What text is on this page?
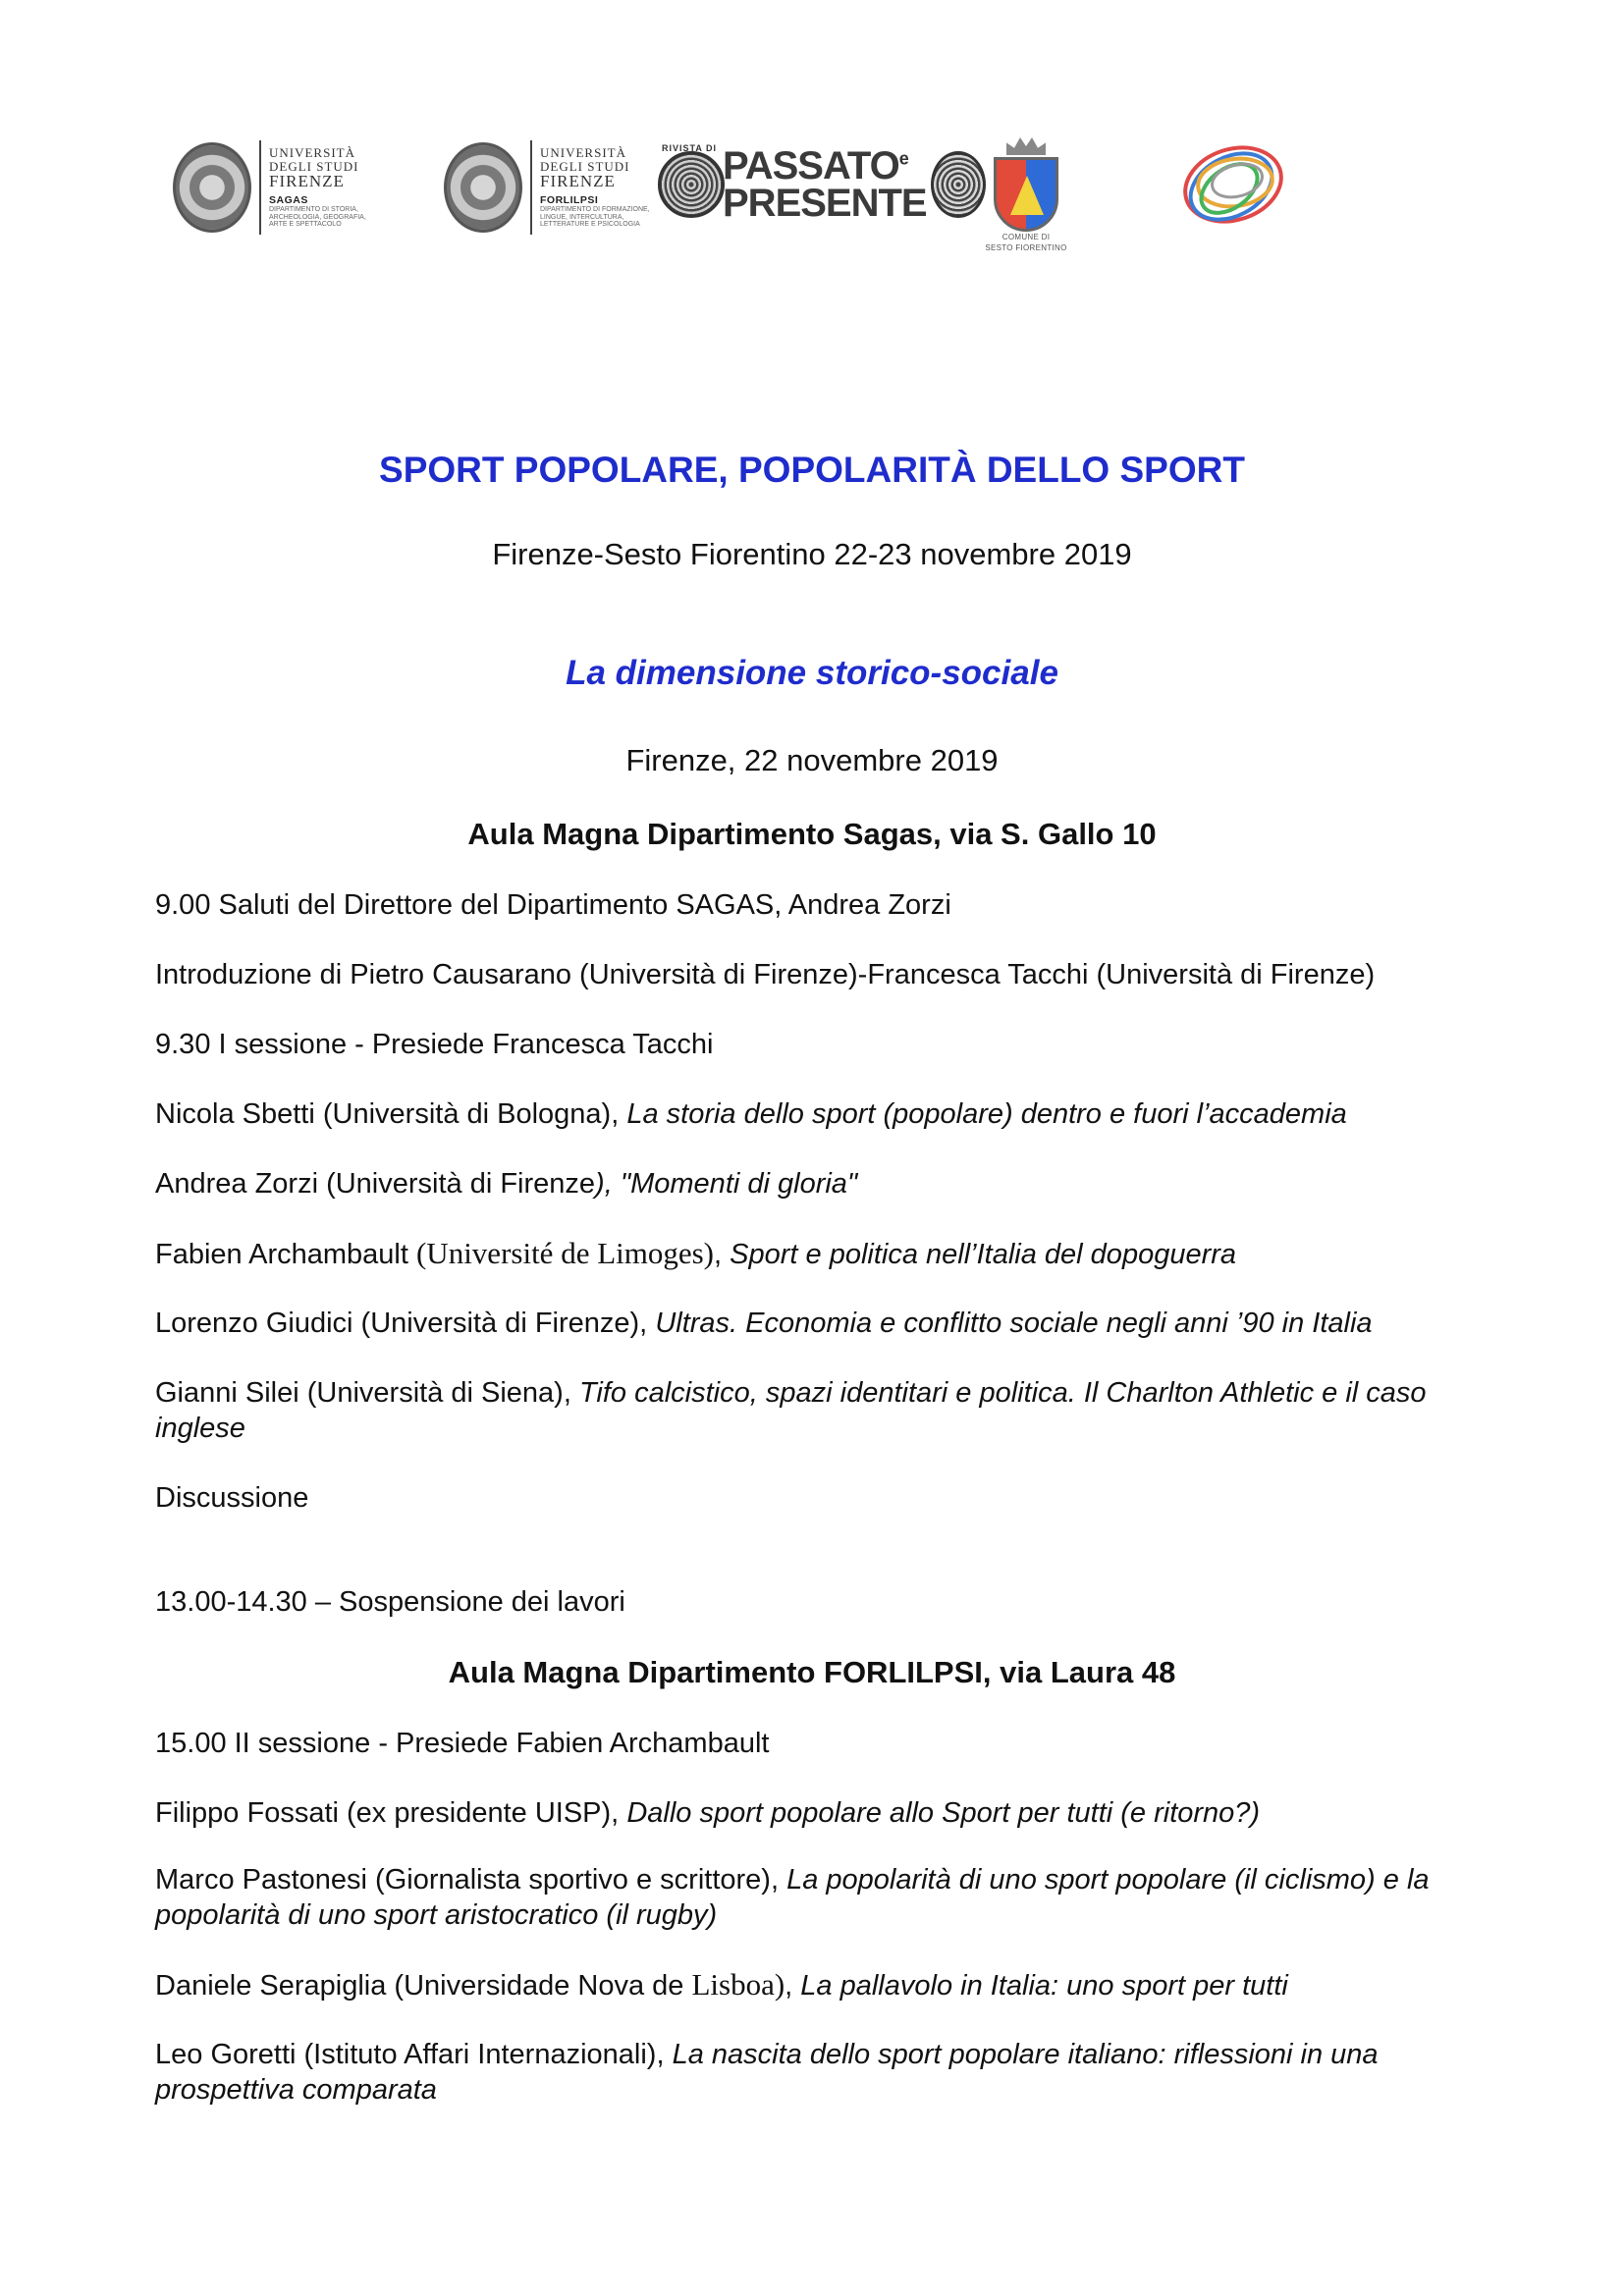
UNIVERSITÀ
DEGLI STUDI
FIRENZE
SAGAS
DIPARTIMENTO DI STORIA, ARCHEOLOGIA, GEOGRAFIA, ARTE E SPETTACOLO
UNIVERSITÀ
DEGLI STUDI
FIRENZE
FORLILPSI
DIPARTIMENTO DI FORMAZIONE, LINGUE, INTERCULTURA, LETTERATURE E PSICOLOGIA
RIVISTA DI PASSATO$^e$
PRESENTE
COMUNE DI
SESTO FIORENTINO
SPORT POPOLARE, POPOLARITÀ DELLO SPORT
Firenze-Sesto Fiorentino 22-23 novembre 2019
La dimensione storico-sociale
Firenze, 22 novembre 2019
Aula Magna Dipartimento Sagas, via S. Gallo 10
9.00 Saluti del Direttore del Dipartimento SAGAS, Andrea Zorzi
Introduzione di Pietro Causarano (Università di Firenze)-Francesca Tacchi (Università di Firenze)
9.30 I sessione - Presiede Francesca Tacchi
Nicola Sbetti (Università di Bologna), La storia dello sport (popolare) dentro e fuori l’accademia
Andrea Zorzi (Università di Firenze), "Momenti di gloria"
Fabien Archambault (Université de Limoges), Sport e politica nell’Italia del dopoguerra
Lorenzo Giudici (Università di Firenze), Ultras. Economia e conflitto sociale negli anni ’90 in Italia
Gianni Silei (Università di Siena), Tifo calcistico, spazi identitari e politica. Il Charlton Athletic e il caso inglese
Discussione
13.00-14.30 – Sospensione dei lavori
Aula Magna Dipartimento FORLILPSI, via Laura 48
15.00 II sessione - Presiede Fabien Archambault
Filippo Fossati (ex presidente UISP), Dallo sport popolare allo Sport per tutti (e ritorno?)
Marco Pastonesi (Giornalista sportivo e scrittore), La popolarità di uno sport popolare (il ciclismo) e la popolarità di uno sport aristocratico (il rugby)
Daniele Serapiglia (Universidade Nova de Lisboa), La pallavolo in Italia: uno sport per tutti
Leo Goretti (Istituto Affari Internazionali), La nascita dello sport popolare italiano: riflessioni in una prospettiva comparata
